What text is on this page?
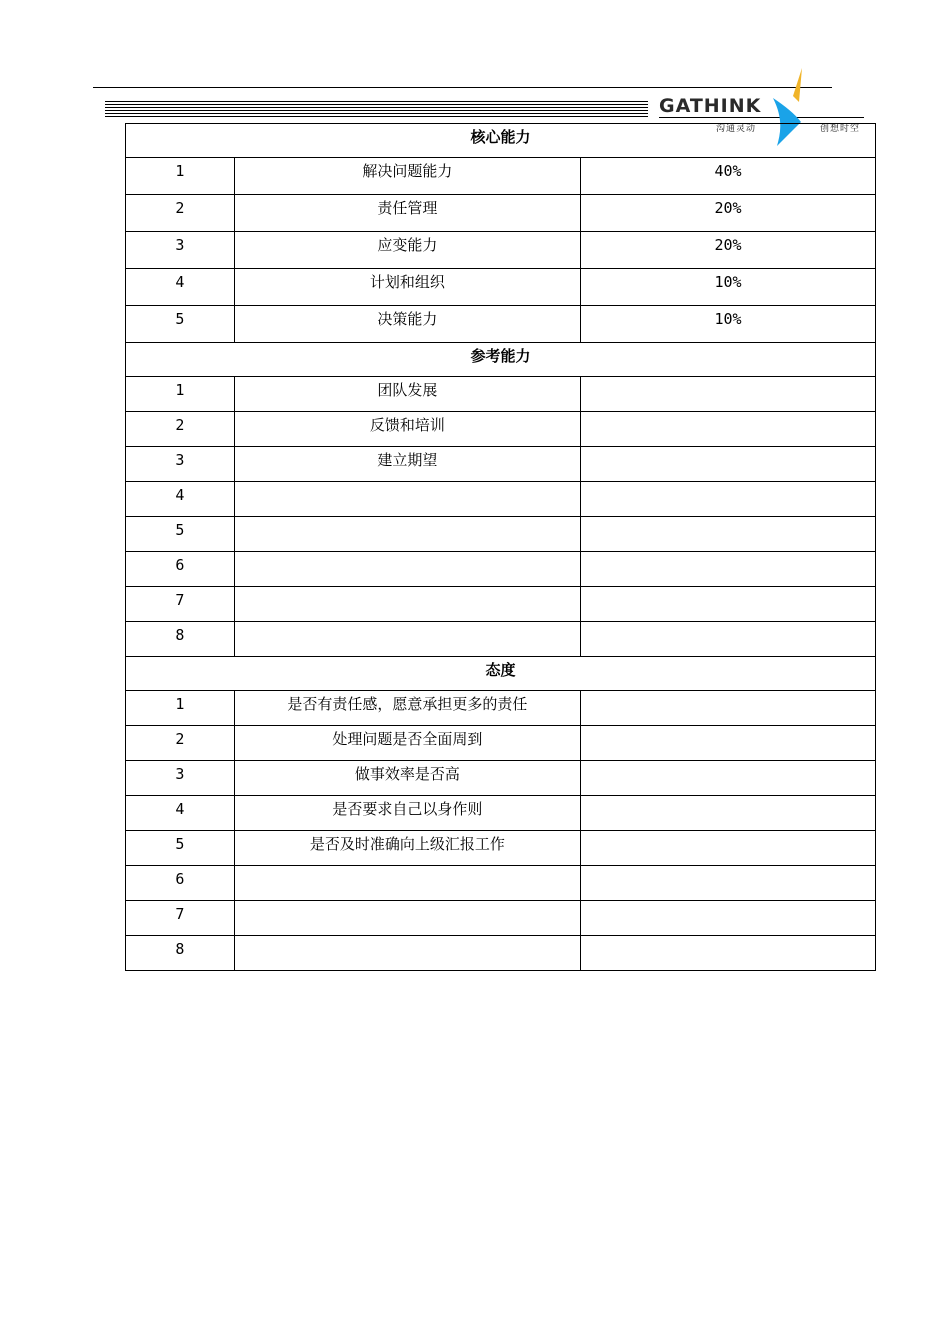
GATHINK
沟通灵动	创想时空
核心能力		
1	解决问题能力	40%
2	责任管理	20%
3	应变能力	20%
4	计划和组织	10%
5	决策能力	10%
参考能力		
1	团队发展	
2	反馈和培训	
3	建立期望	
4		
5		
6		
7		
8		
态度		
1	是否有责任感，愿意承担更多的责任	
2	处理问题是否全面周到	
3	做事效率是否高	
4	是否要求自己以身作则	
5	是否及时准确向上级汇报工作	
6		
7		
8		
